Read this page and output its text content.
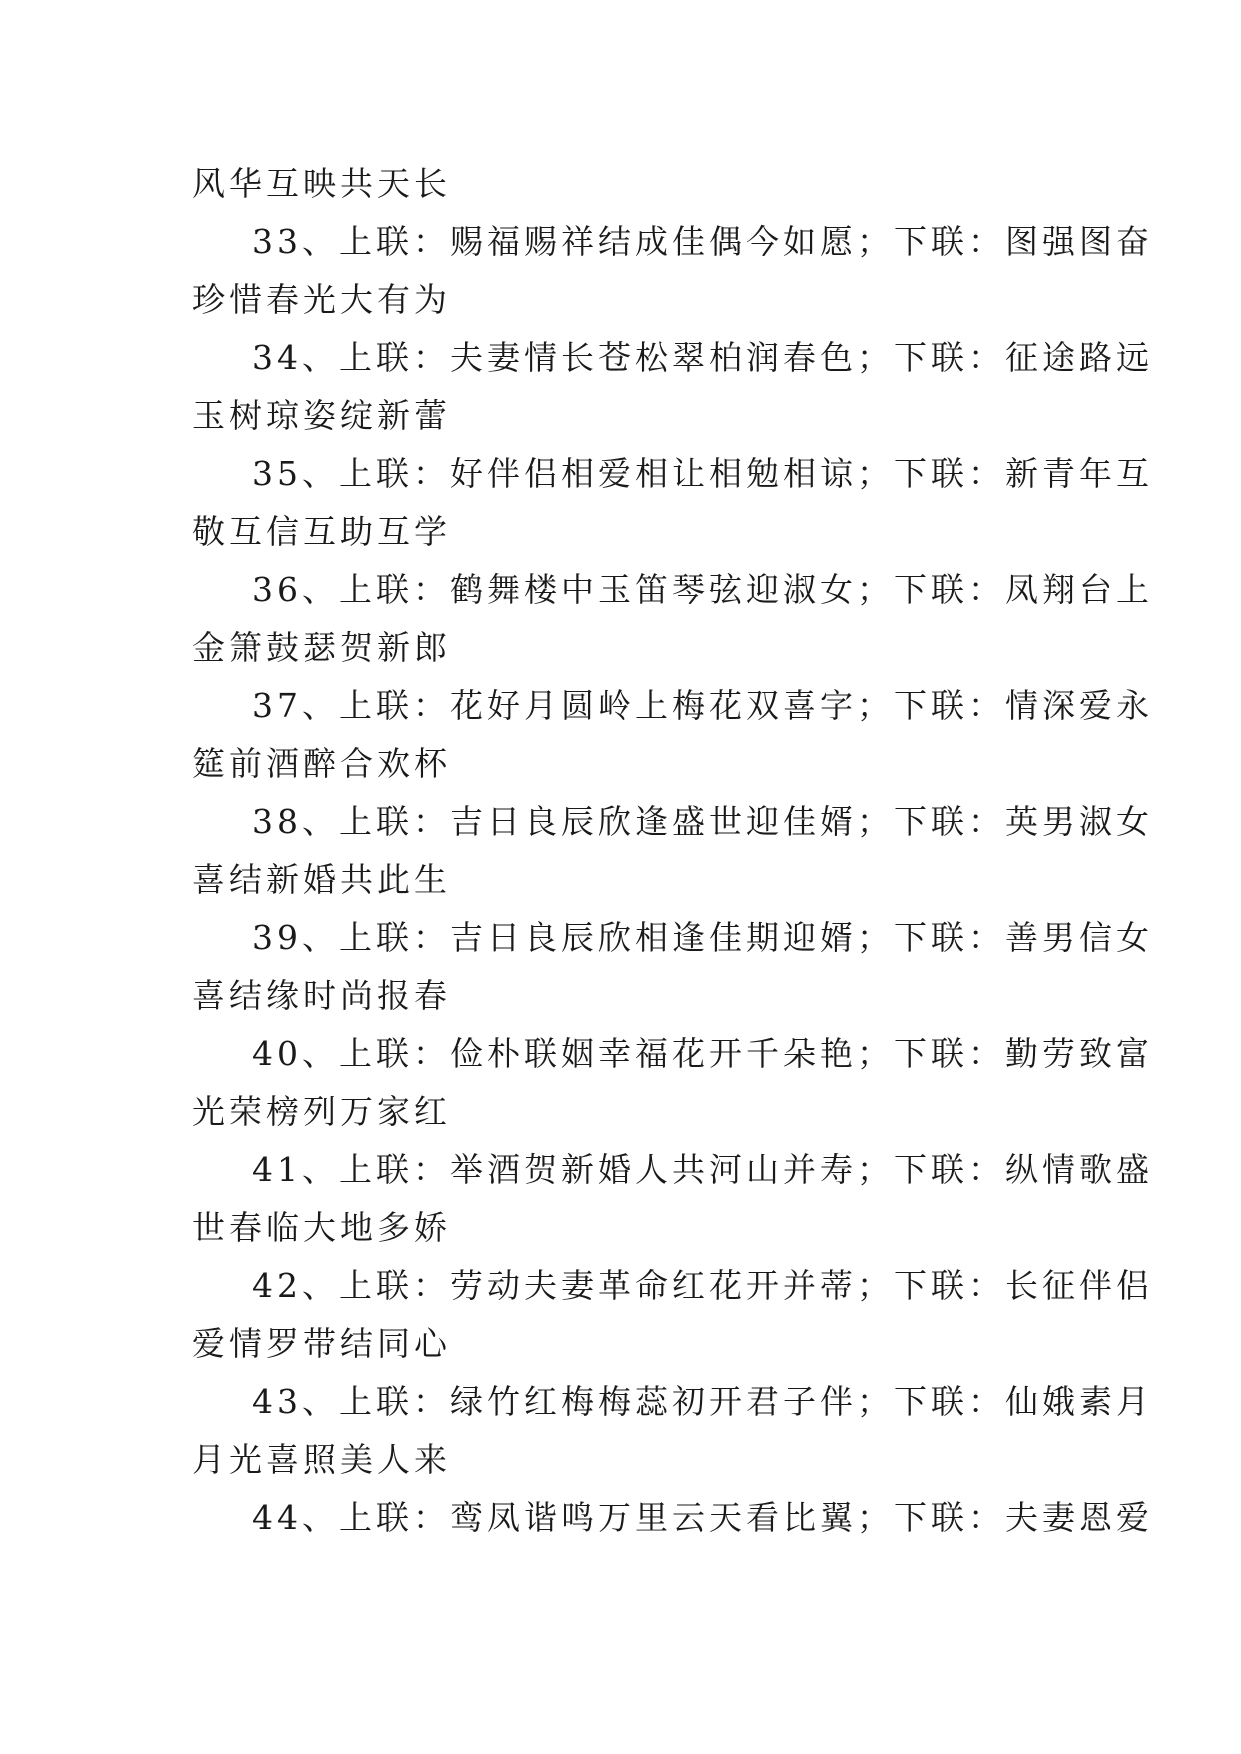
风华互映共天长
33、上联：赐福赐祥结成佳偶今如愿；下联：图强图奋
珍惜春光大有为
34、上联：夫妻情长苍松翠柏润春色；下联：征途路远
玉树琼姿绽新蕾
35、上联：好伴侣相爱相让相勉相谅；下联：新青年互
敬互信互助互学
36、上联：鹤舞楼中玉笛琴弦迎淑女；下联：凤翔台上
金箫鼓瑟贺新郎
37、上联：花好月圆岭上梅花双喜字；下联：情深爱永
筵前酒醉合欢杯
38、上联：吉日良辰欣逢盛世迎佳婿；下联：英男淑女
喜结新婚共此生
39、上联：吉日良辰欣相逢佳期迎婿；下联：善男信女
喜结缘时尚报春
40、上联：俭朴联姻幸福花开千朵艳；下联：勤劳致富
光荣榜列万家红
41、上联：举酒贺新婚人共河山并寿；下联：纵情歌盛
世春临大地多娇
42、上联：劳动夫妻革命红花开并蒂；下联：长征伴侣
爱情罗带结同心
43、上联：绿竹红梅梅蕊初开君子伴；下联：仙娥素月
月光喜照美人来
44、上联：鸾凤谐鸣万里云天看比翼；下联：夫妻恩爱
